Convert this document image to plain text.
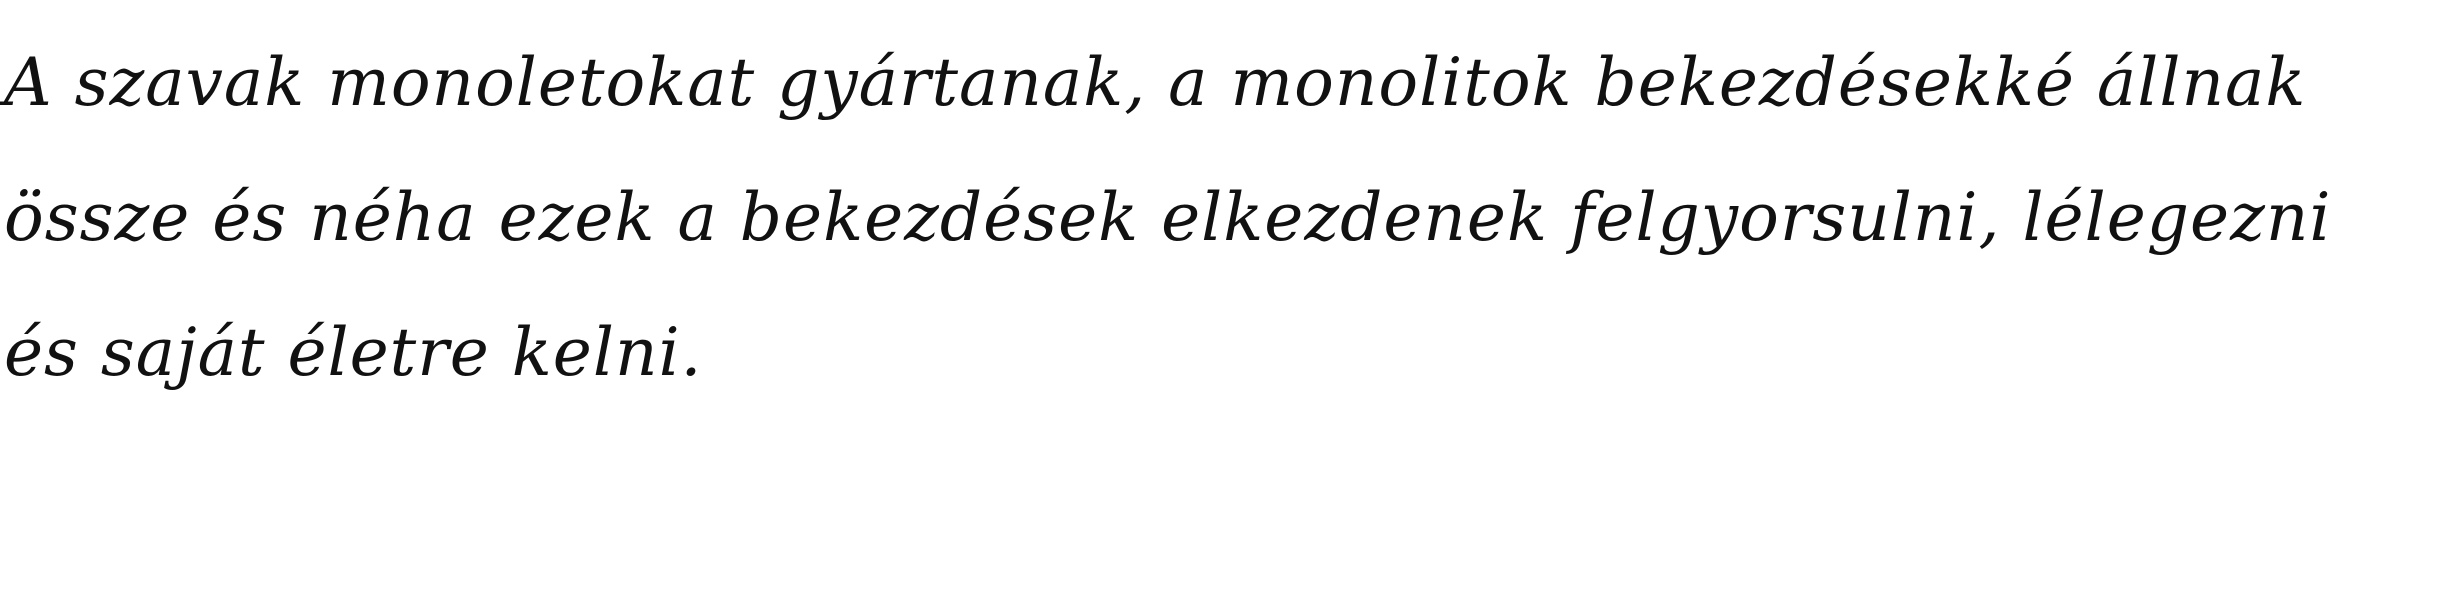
A szavak monoletokat gyártanak, a monolitok bekezdésekké állnak

össze és néha ezek a bekezdések elkezdenek felgyorsulni, lélegezni

és saját életre kelni.
